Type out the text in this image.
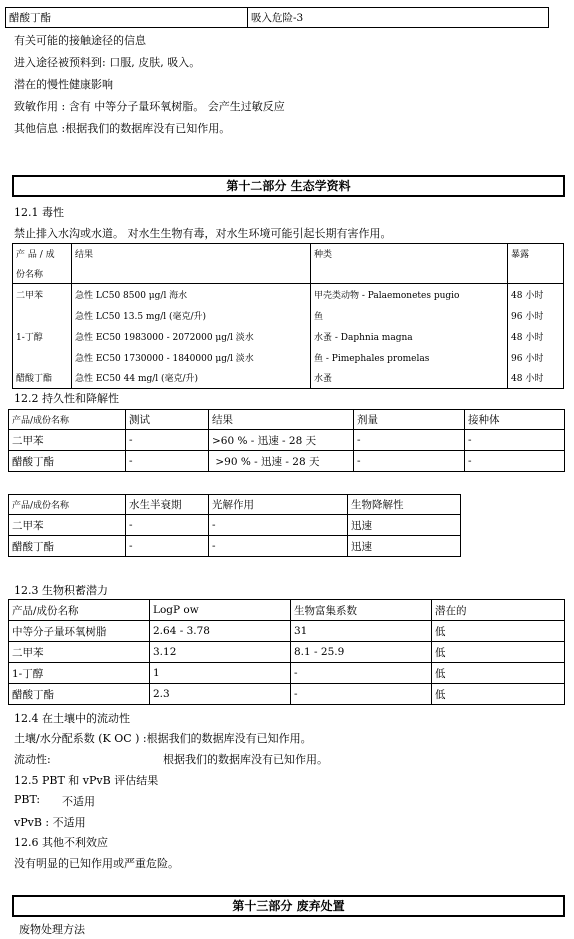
醋酸丁酯	吸入危险-3
有关可能的接触途径的信息
进入途径被预料到: 口服, 皮肤, 吸入。
潜在的慢性健康影响
致敏作用 : 含有 中等分子量环氧树脂。 会产生过敏反应
其他信息 :根据我们的数据库没有已知作用。
第十二部分 生态学资料
12.1 毒性
禁止排入水沟或水道。 对水生生物有毒，对水生环境可能引起长期有害作用。
产 品 / 成	结果	种类	暴露
份名称			
二甲苯	急性 LC50 8500 μg/l 海水	甲壳类动物 - Palaemonetes pugio	48 小时
	急性 LC50 13.5 mg/l (毫克/升)	鱼	96 小时
1-丁醇	急性 EC50 1983000 - 2072000 μg/l 淡水	水蚤 - Daphnia magna	48 小时
	急性 EC50 1730000 - 1840000 μg/l 淡水	鱼 - Pimephales promelas	96 小时
醋酸丁酯	急性 EC50 44 mg/l (毫克/升)	水蚤	48 小时
12.2 持久性和降解性
产品/成份名称	测试	结果	剂量	接种体
二甲苯	-	>60 % - 迅速 - 28 天	-	-
醋酸丁酯	-	>90 % - 迅速 - 28 天	-	-
产品/成份名称	水生半衰期	光解作用	生物降解性
二甲苯	-	-	迅速
醋酸丁酯	-	-	迅速
12.3 生物积蓄潜力
产品/成份名称	LogP ow	生物富集系数	潜在的
中等分子量环氧树脂	2.64 - 3.78	31	低
二甲苯	3.12	8.1 - 25.9	低
1-丁醇	1	-	低
醋酸丁酯	2.3	-	低
12.4 在土壤中的流动性
土壤/水分配系数 (K OC ) :根据我们的数据库没有已知作用。
流动性:	根据我们的数据库没有已知作用。
12.5 PBT 和 vPvB 评估结果
PBT: 不适用
vPvB : 不适用
12.6 其他不利效应
没有明显的已知作用或严重危险。
第十三部分 废弃处置
废物处理方法
